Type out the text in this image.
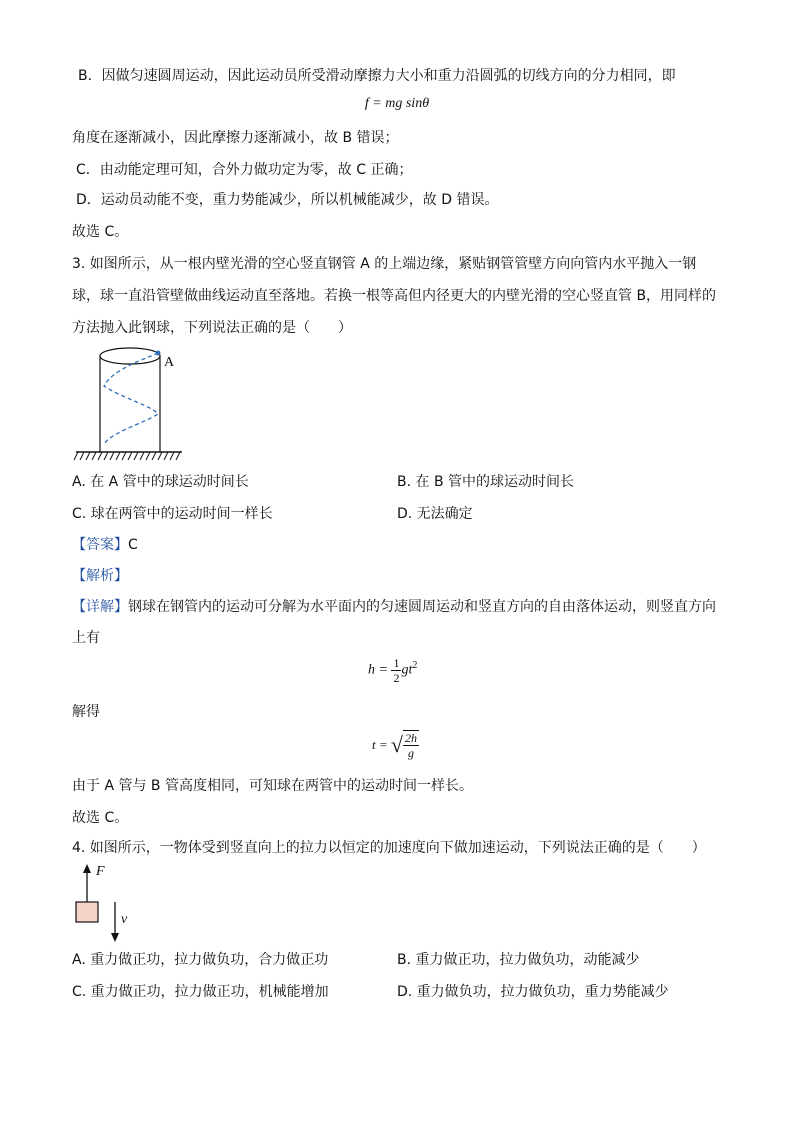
B．因做匀速圆周运动，因此运动员所受滑动摩擦力大小和重力沿圆弧的切线方向的分力相同，即
f = mg sinθ
角度在逐渐减小，因此摩擦力逐渐减小，故 B 错误；
C．由动能定理可知，合外力做功定为零，故 C 正确；
D．运动员动能不变，重力势能减少，所以机械能减少，故 D 错误。
故选 C。
3. 如图所示，从一根内壁光滑的空心竖直钢管 A 的上端边缘，紧贴钢管管壁方向向管内水平抛入一钢
球，球一直沿管壁做曲线运动直至落地。若换一根等高但内径更大的内壁光滑的空心竖直管 B，用同样的
方法抛入此钢球，下列说法正确的是（　　）
A
A. 在 A 管中的球运动时间长	B. 在 B 管中的球运动时间长
C. 球在两管中的运动时间一样长	D. 无法确定
【答案】C
【解析】
【详解】钢球在钢管内的运动可分解为水平面内的匀速圆周运动和竖直方向的自由落体运动，则竖直方向
上有
$h = \frac{1}{2} gt^2$
解得
t = √ $\frac{2h}{g}$
由于 A 管与 B 管高度相同，可知球在两管中的运动时间一样长。
故选 C。
4. 如图所示，一物体受到竖直向上的拉力以恒定的加速度向下做加速运动，下列说法正确的是（　　）
F
v
A. 重力做正功，拉力做负功，合力做正功	B. 重力做正功，拉力做负功，动能减少
C. 重力做正功，拉力做正功，机械能增加	D. 重力做负功，拉力做负功，重力势能减少
